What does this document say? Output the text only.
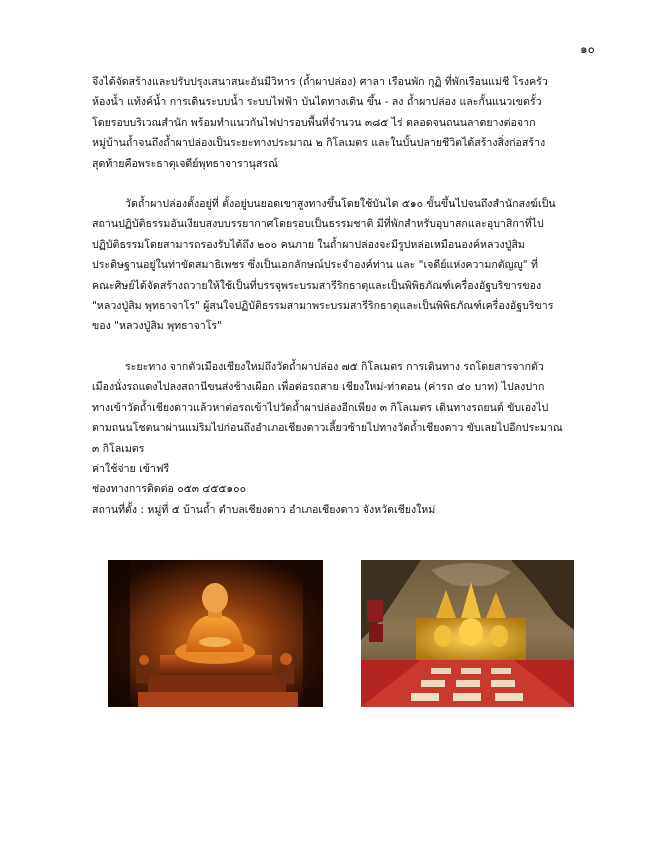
๑๐

จึงได้จัดสร้างและปรับปรุงเสนาสนะอันมีวิหาร (ถ้ำผาปล่อง) ศาลา เรือนพัก กุฏิ ที่พักเรือนแม่ชี โรงครัว

ห้องน้ำ แท้งค์น้ำ การเดินระบบน้ำ ระบบไฟฟ้า บันไดทางเดิน ขึ้น - ลง ถ้ำผาปล่อง และกั้นแนวเขตรั้ว

โดยรอบบริเวณสำนัก พร้อมทำแนวกันไฟปารอบพื้นที่จำนวน ๓๘๕ ไร่ ตลอดจนถนนลาดยางต่อจาก

หมู่บ้านถ้ำจนถึงถ้ำผาปล่องเป็นระยะทางประมาณ ๒ กิโลเมตร และในบั้นปลายชีวิตได้สร้างสิ่งก่อสร้าง

สุดท้ายคือพระธาตุเจดีย์พุทธาจารานุสรณ์

วัดถ้ำผาปล่องตั้งอยู่ที่ ตั้งอยู่บนยอดเขาสูงทางขึ้นโดยใช้บันได ๕๑๐ ขั้นขึ้นไปจนถึงสำนักสงฆ์เป็น

สถานปฏิบัติธรรมอันเงียบสงบบรรยากาศโดยรอบเป็นธรรมชาติ มีที่พักสำหรับอุบาสกและอุบาสิกาที่ไป

ปฏิบัติธรรมโดยสามารถรองรับได้ถึง ๒๐๐ คนภาย ในถ้ำผาปล่องจะมีรูปหล่อเหมือนองค์หลวงปู่สิม

ประดิษฐานอยู่ในท่าขัดสมาธิเพชร ซึ่งเป็นเอกลักษณ์ประจำองค์ท่าน และ "เจดีย์แห่งความกตัญญู" ที่

คณะศิษย์ได้จัดสร้างถวายให้ใช้เป็นที่บรรจุพระบรมสารีริกธาตุและเป็นพิพิธภัณฑ์เครื่องอัฐบริขารของ

"หลวงปู่สิม พุทธาจาโร" ผู้สนใจปฏิบัติธรรมสามาพระบรมสารีริกธาตุและเป็นพิพิธภัณฑ์เครื่องอัฐบริขาร

ของ "หลวงปู่สิม พุทธาจาโร"

ระยะทาง จากตัวเมืองเชียงใหม่ถึงวัดถ้ำผาปล่อง ๗๕ กิโลเมตร การเดินทาง รถโดยสารจากตัว

เมืองนั่งรถแดงไปลงสถานีขนส่งช้างเผือก เพื่อต่อรถสาย เชียงใหม่-ท่าตอน (ค่ารถ ๔๐ บาท) ไปลงปาก

ทางเข้าวัดถ้ำเชียงดาวแล้วหาต่อรถเข้าไปวัดถ้ำผาปล่องอีกเพียง ๓ กิโลเมตร เดินทางรถยนต์ ขับเองไป

ตามถนนโชตนาผ่านแม่ริมไปก่อนถึงอำเภอเชียงดาวเลี้ยวซ้ายไปทางวัดถ้ำเชียงดาว ขับเลยไปอีกประมาณ

๓ กิโลเมตร

ค่าใช้จ่าย เข้าฟรี

ช่องทางการติดต่อ ๐๕๓ ๔๕๕๑๐๐

สถานที่ตั้ง : หมู่ที่ ๕ บ้านถ้ำ ตำบลเชียงดาว อำเภอเชียงดาว จังหวัดเชียงใหม่
